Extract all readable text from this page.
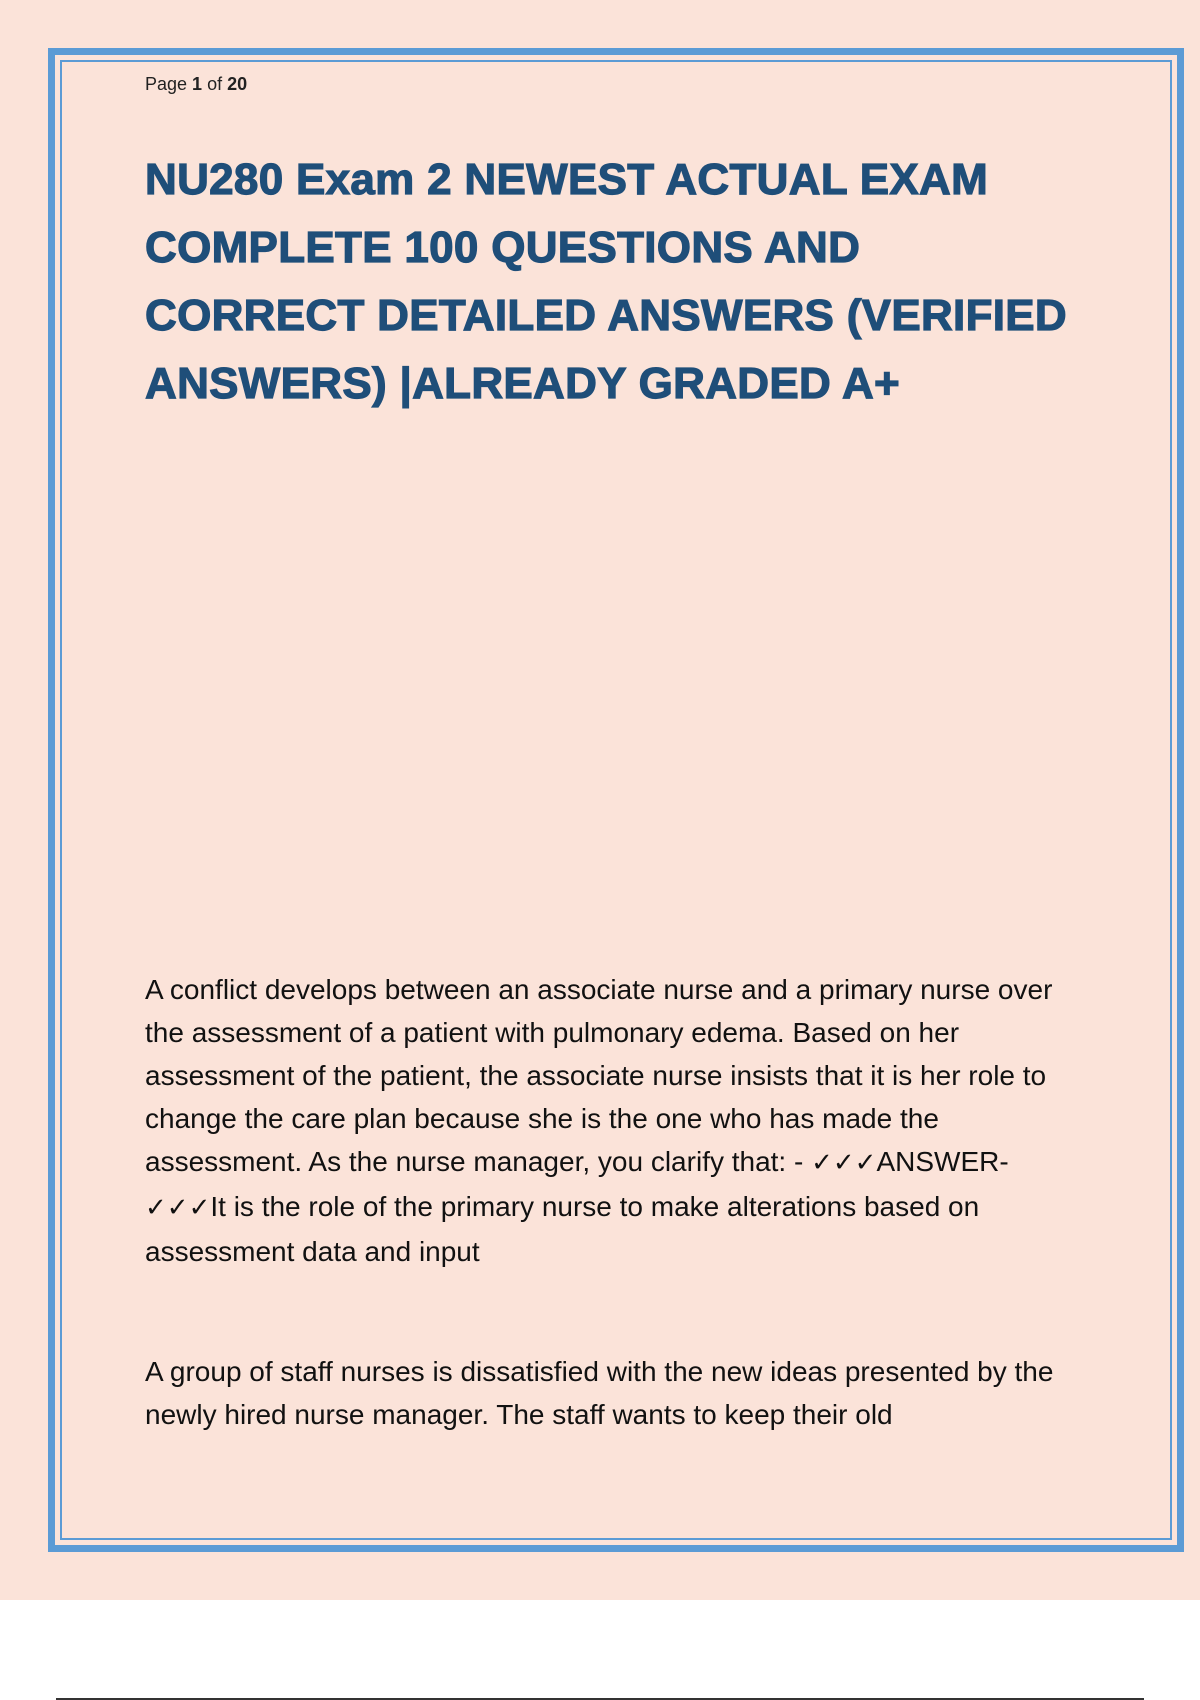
Page 1 of 20

NU280 Exam 2 NEWEST ACTUAL EXAM COMPLETE 100 QUESTIONS AND CORRECT DETAILED ANSWERS (VERIFIED ANSWERS) |ALREADY GRADED A+

A conflict develops between an associate nurse and a primary nurse over the assessment of a patient with pulmonary edema. Based on her assessment of the patient, the associate nurse insists that it is her role to change the care plan because she is the one who has made the assessment. As the nurse manager, you clarify that: - ✓✓✓ANSWER-✓✓✓It is the role of the primary nurse to make alterations based on assessment data and input

A group of staff nurses is dissatisfied with the new ideas presented by the newly hired nurse manager. The staff wants to keep their old
